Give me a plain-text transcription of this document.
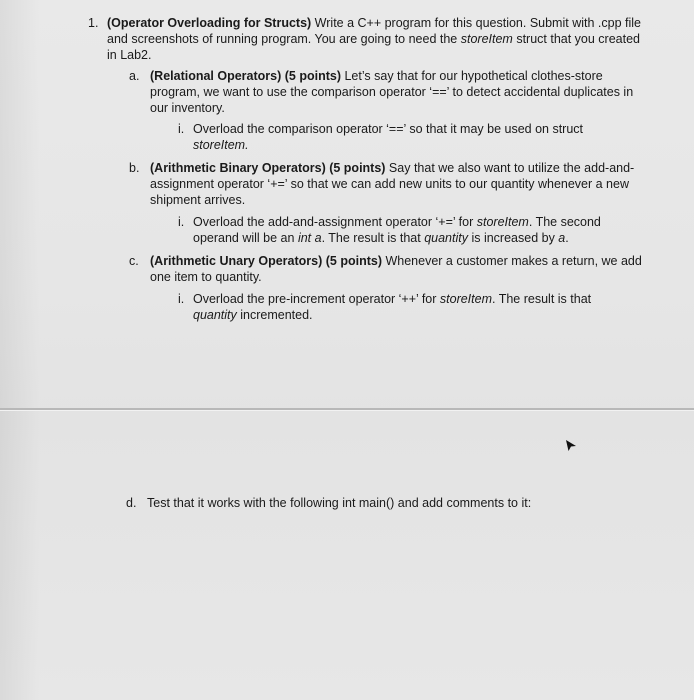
1. (Operator Overloading for Structs) Write a C++ program for this question. Submit with .cpp file
and screenshots of running program. You are going to need the storeItem struct that you created
in Lab2.
a. (Relational Operators) (5 points) Let’s say that for our hypothetical clothes-store
program, we want to use the comparison operator ‘==’ to detect accidental duplicates in
our inventory.
i. Overload the comparison operator ‘==’ so that it may be used on struct
storeItem.
b. (Arithmetic Binary Operators) (5 points) Say that we also want to utilize the add-and-
assignment operator ‘+=’ so that we can add new units to our quantity whenever a new
shipment arrives.
i. Overload the add-and-assignment operator ‘+=’ for storeItem. The second
operand will be an int a. The result is that quantity is increased by a.
c. (Arithmetic Unary Operators) (5 points) Whenever a customer makes a return, we add
one item to quantity.
i. Overload the pre-increment operator ‘++’ for storeItem. The result is that
quantity incremented.
d. Test that it works with the following int main() and add comments to it:
